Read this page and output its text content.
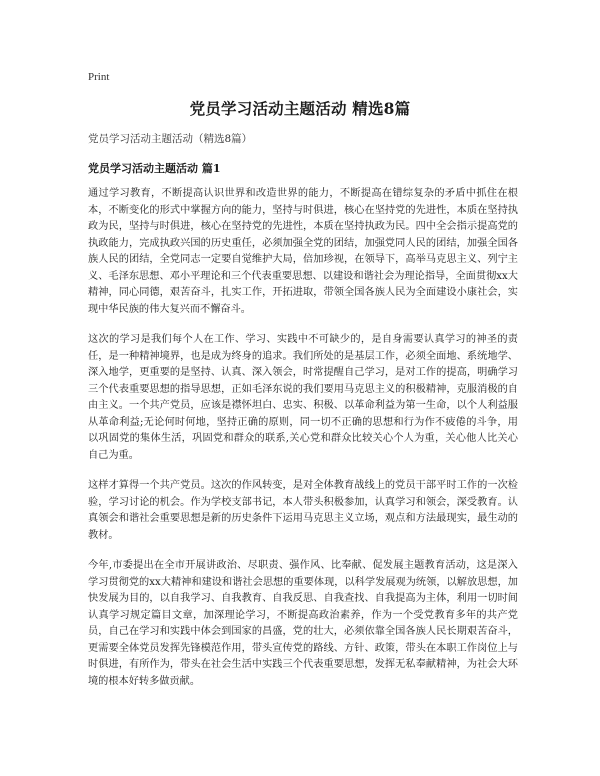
Print
党员学习活动主题活动 精选8篇

党员学习活动主题活动（精选8篇）

党员学习活动主题活动 篇1

通过学习教育，不断提高认识世界和改造世界的能力，不断提高在错综复杂的矛盾中抓住在根本，不断变化的形式中掌握方向的能力，坚持与时俱进，核心在坚持党的先进性，本质在坚持执政为民，坚持与时俱进，核心在坚持党的先进性，本质在坚持执政为民。四中全会指示提高党的执政能力，完成执政兴国的历史重任，必须加强全党的团结，加强党同人民的团结，加强全国各族人民的团结，全党同志一定要自觉维护大局，倍加珍视，在领导下，高举马克思主义、列宁主义、毛泽东思想、邓小平理论和三个代表重要思想、以建设和谐社会为理论指导，全面贯彻xx大精神，同心同德，艰苦奋斗，扎实工作，开拓进取，带领全国各族人民为全面建设小康社会，实现中华民族的伟大复兴而不懈奋斗。

这次的学习是我们每个人在工作、学习、实践中不可缺少的，是自身需要认真学习的神圣的责任，是一种精神境界，也是成为终身的追求。我们所处的是基层工作，必须全面地、系统地学、深入地学，更重要的是坚持、认真、深入领会，时常提醒自己学习，是对工作的提高，明确学习三个代表重要思想的指导思想，正如毛泽东说的我们要用马克思主义的积极精神，克服消极的自由主义。一个共产党员，应该是襟怀坦白、忠实、积极、以革命利益为第一生命，以个人利益服从革命利益;无论何时何地，坚持正确的原则，同一切不正确的思想和行为作不疲倦的斗争，用以巩固党的集体生活，巩固党和群众的联系,关心党和群众比较关心个人为重，关心他人比关心自己为重。

这样才算得一个共产党员。这次的作风转变，是对全体教育战线上的党员干部平时工作的一次检验，学习讨论的机会。作为学校支部书记，本人带头积极参加，认真学习和领会，深受教育。认真领会和谐社会重要思想是新的历史条件下运用马克思主义立场，观点和方法最现实，最生动的教材。

今年,市委提出在全市开展讲政治、尽职责、强作风、比奉献、促发展主题教育活动，这是深入学习贯彻党的xx大精神和建设和谐社会思想的重要体现，以科学发展观为统领，以解放思想，加快发展为目的，以自我学习、自我教育、自我反思、自我查找、自我提高为主体，利用一切时间认真学习规定篇目文章，加深理论学习，不断提高政治素养，作为一个受党教育多年的共产党员，自己在学习和实践中体会到国家的昌盛，党的壮大，必须依靠全国各族人民长期艰苦奋斗，更需要全体党员发挥先锋模范作用，带头宣传党的路线、方针、政策，带头在本职工作岗位上与时俱进，有所作为，带头在社会生活中实践三个代表重要思想，发挥无私奉献精神，为社会大环境的根本好转多做贡献。
